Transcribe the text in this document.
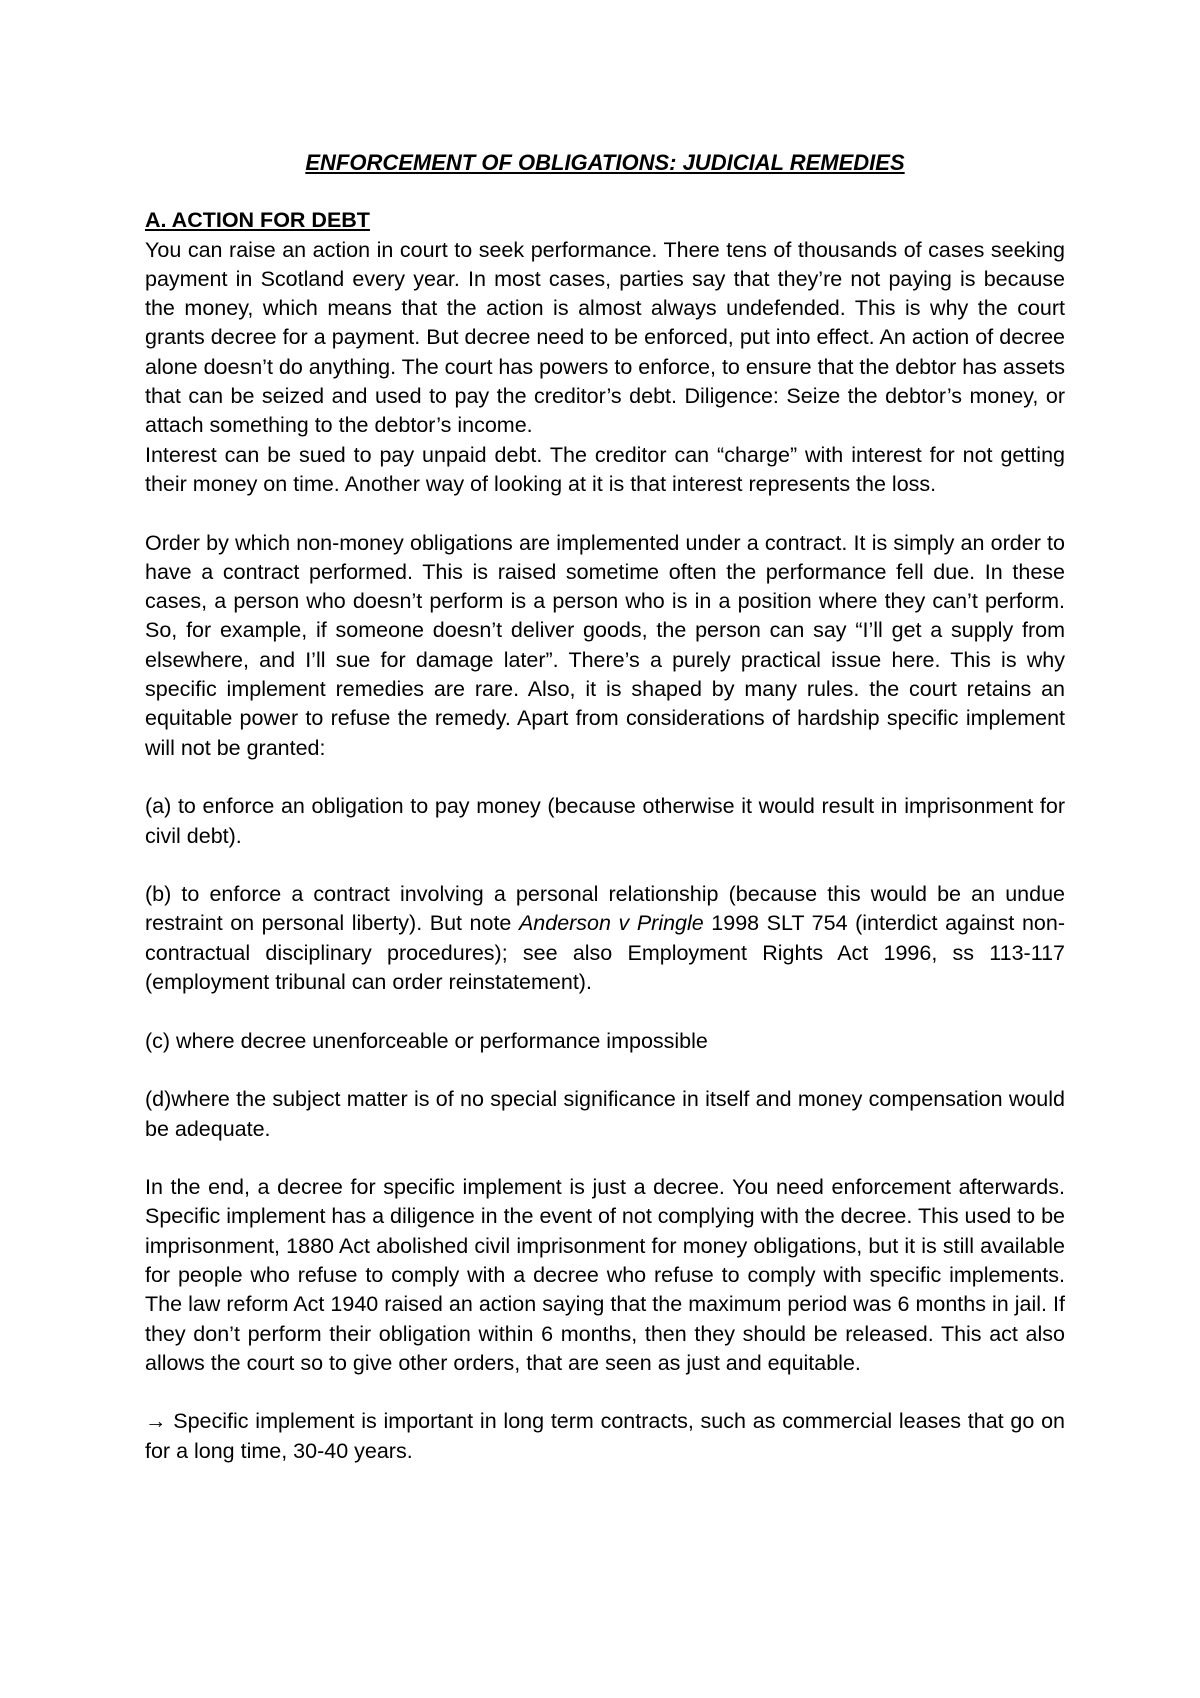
ENFORCEMENT OF OBLIGATIONS: JUDICIAL REMEDIES
A. ACTION FOR DEBT

You can raise an action in court to seek performance. There tens of thousands of cases seeking payment in Scotland every year. In most cases, parties say that they’re not paying is because the money, which means that the action is almost always undefended. This is why the court grants decree for a payment. But decree need to be enforced, put into effect. An action of decree alone doesn’t do anything. The court has powers to enforce, to ensure that the debtor has assets that can be seized and used to pay the creditor’s debt. Diligence: Seize the debtor’s money, or attach something to the debtor’s income.

Interest can be sued to pay unpaid debt. The creditor can “charge” with interest for not getting their money on time. Another way of looking at it is that interest represents the loss.

Order by which non-money obligations are implemented under a contract. It is simply an order to have a contract performed. This is raised sometime often the performance fell due. In these cases, a person who doesn’t perform is a person who is in a position where they can’t perform. So, for example, if someone doesn’t deliver goods, the person can say “I’ll get a supply from elsewhere, and I’ll sue for damage later”. There’s a purely practical issue here. This is why specific implement remedies are rare. Also, it is shaped by many rules. the court retains an equitable power to refuse the remedy. Apart from considerations of hardship specific implement will not be granted:

(a) to enforce an obligation to pay money (because otherwise it would result in imprisonment for civil debt).

(b) to enforce a contract involving a personal relationship (because this would be an undue restraint on personal liberty). But note Anderson v Pringle 1998 SLT 754 (interdict against non-contractual disciplinary procedures); see also Employment Rights Act 1996, ss 113-117 (employment tribunal can order reinstatement).

(c) where decree unenforceable or performance impossible

(d)where the subject matter is of no special significance in itself and money compensation would be adequate.

In the end, a decree for specific implement is just a decree. You need enforcement afterwards. Specific implement has a diligence in the event of not complying with the decree. This used to be imprisonment, 1880 Act abolished civil imprisonment for money obligations, but it is still available for people who refuse to comply with a decree who refuse to comply with specific implements. The law reform Act 1940 raised an action saying that the maximum period was 6 months in jail. If they don’t perform their obligation within 6 months, then they should be released. This act also allows the court so to give other orders, that are seen as just and equitable.

→ Specific implement is important in long term contracts, such as commercial leases that go on for a long time, 30-40 years.
